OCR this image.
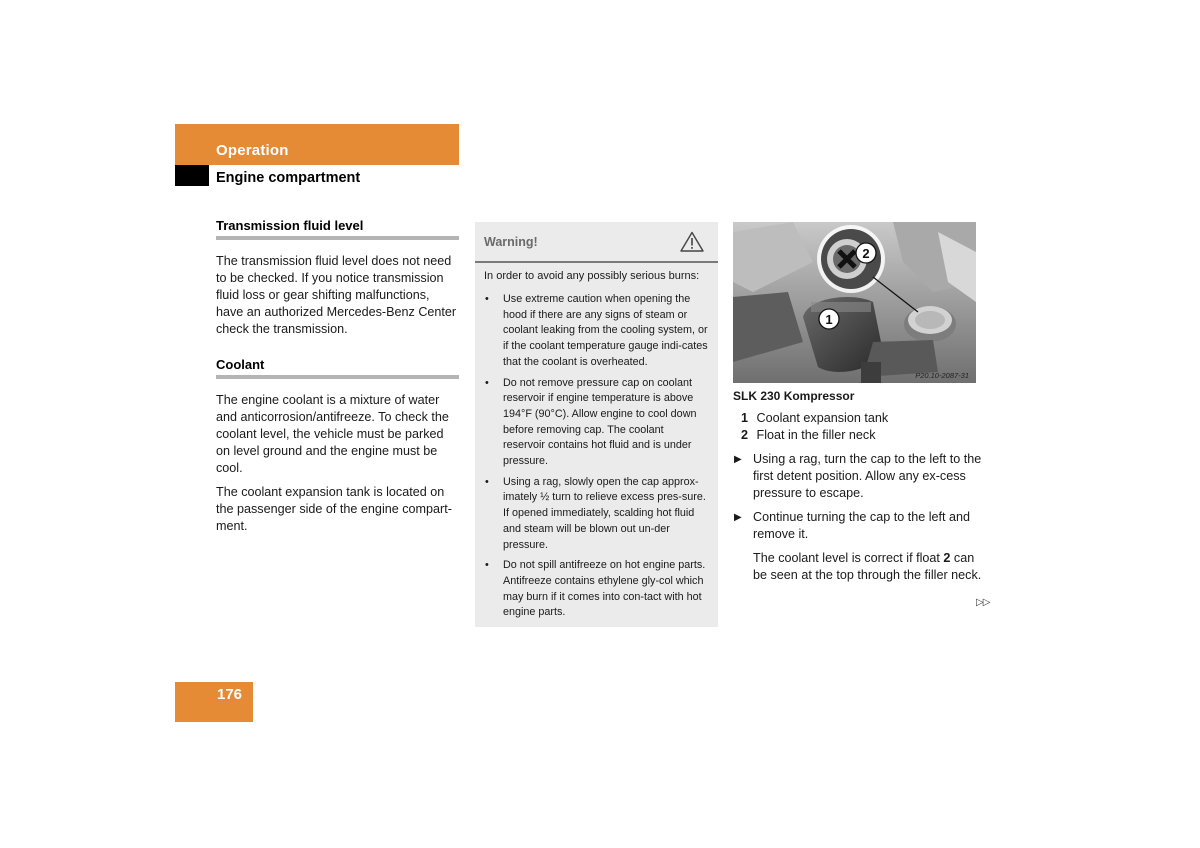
Operation
Engine compartment
Transmission fluid level

The transmission fluid level does not need to be checked. If you notice transmission fluid loss or gear shifting malfunctions, have an authorized Mercedes-Benz Center check the transmission.

Coolant

The engine coolant is a mixture of water and anticorrosion/antifreeze. To check the coolant level, the vehicle must be parked on level ground and the engine must be cool.

The coolant expansion tank is located on the passenger side of the engine compart-ment.

Warning!

In order to avoid any possibly serious burns:

• Use extreme caution when opening the hood if there are any signs of steam or coolant leaking from the cooling system, or if the coolant temperature gauge indi-cates that the coolant is overheated.
• Do not remove pressure cap on coolant reservoir if engine temperature is above 194°F (90°C). Allow engine to cool down before removing cap. The coolant reservoir contains hot fluid and is under pressure.
• Using a rag, slowly open the cap approx-imately ½ turn to relieve excess pres-sure. If opened immediately, scalding hot fluid and steam will be blown out un-der pressure.
• Do not spill antifreeze on hot engine parts. Antifreeze contains ethylene gly-col which may burn if it comes into con-tact with hot engine parts.
2
1
P20.10-2087-31
SLK 230 Kompressor
1 Coolant expansion tank
2 Float in the filler neck
▶ Using a rag, turn the cap to the left to the first detent position. Allow any ex-cess pressure to escape.
▶ Continue turning the cap to the left and remove it.
The coolant level is correct if float 2 can be seen at the top through the filler neck.
▷▷
176
